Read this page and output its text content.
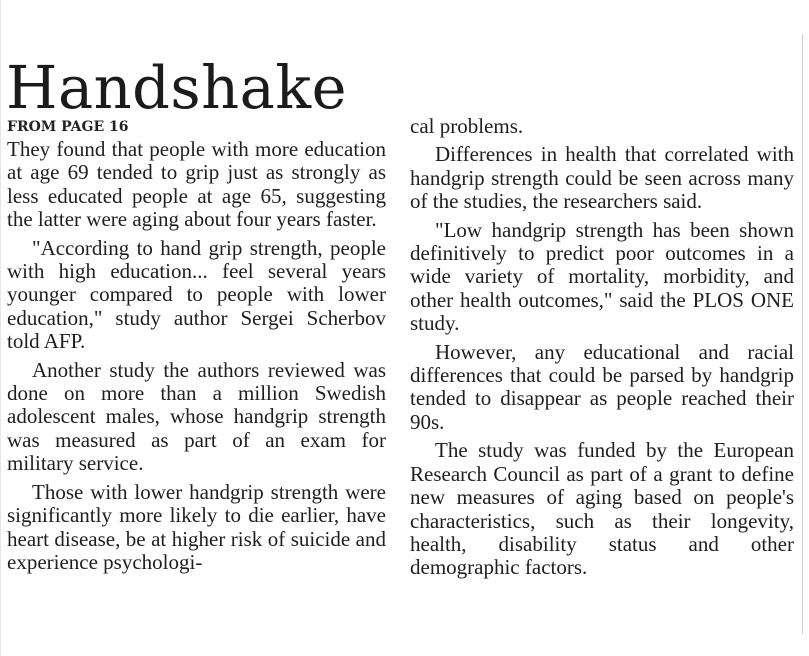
Handshake
FROM PAGE 16

They found that people with more education at age 69 tended to grip just as strongly as less educated people at age 65, suggesting the latter were aging about four years faster.

"According to hand grip strength, people with high education... feel several years younger compared to people with lower education," study author Sergei Scherbov told AFP.

Another study the authors reviewed was done on more than a million Swedish adolescent males, whose handgrip strength was measured as part of an exam for military service.

Those with lower handgrip strength were significantly more likely to die earlier, have heart disease, be at higher risk of suicide and experience psychologi-

cal problems.

Differences in health that correlated with handgrip strength could be seen across many of the studies, the researchers said.

"Low handgrip strength has been shown definitively to predict poor outcomes in a wide variety of mortality, morbidity, and other health outcomes," said the PLOS ONE study.

However, any educational and racial differences that could be parsed by handgrip tended to disappear as people reached their 90s.

The study was funded by the European Research Council as part of a grant to define new measures of aging based on people's characteristics, such as their longevity, health, disability status and other demographic factors.
